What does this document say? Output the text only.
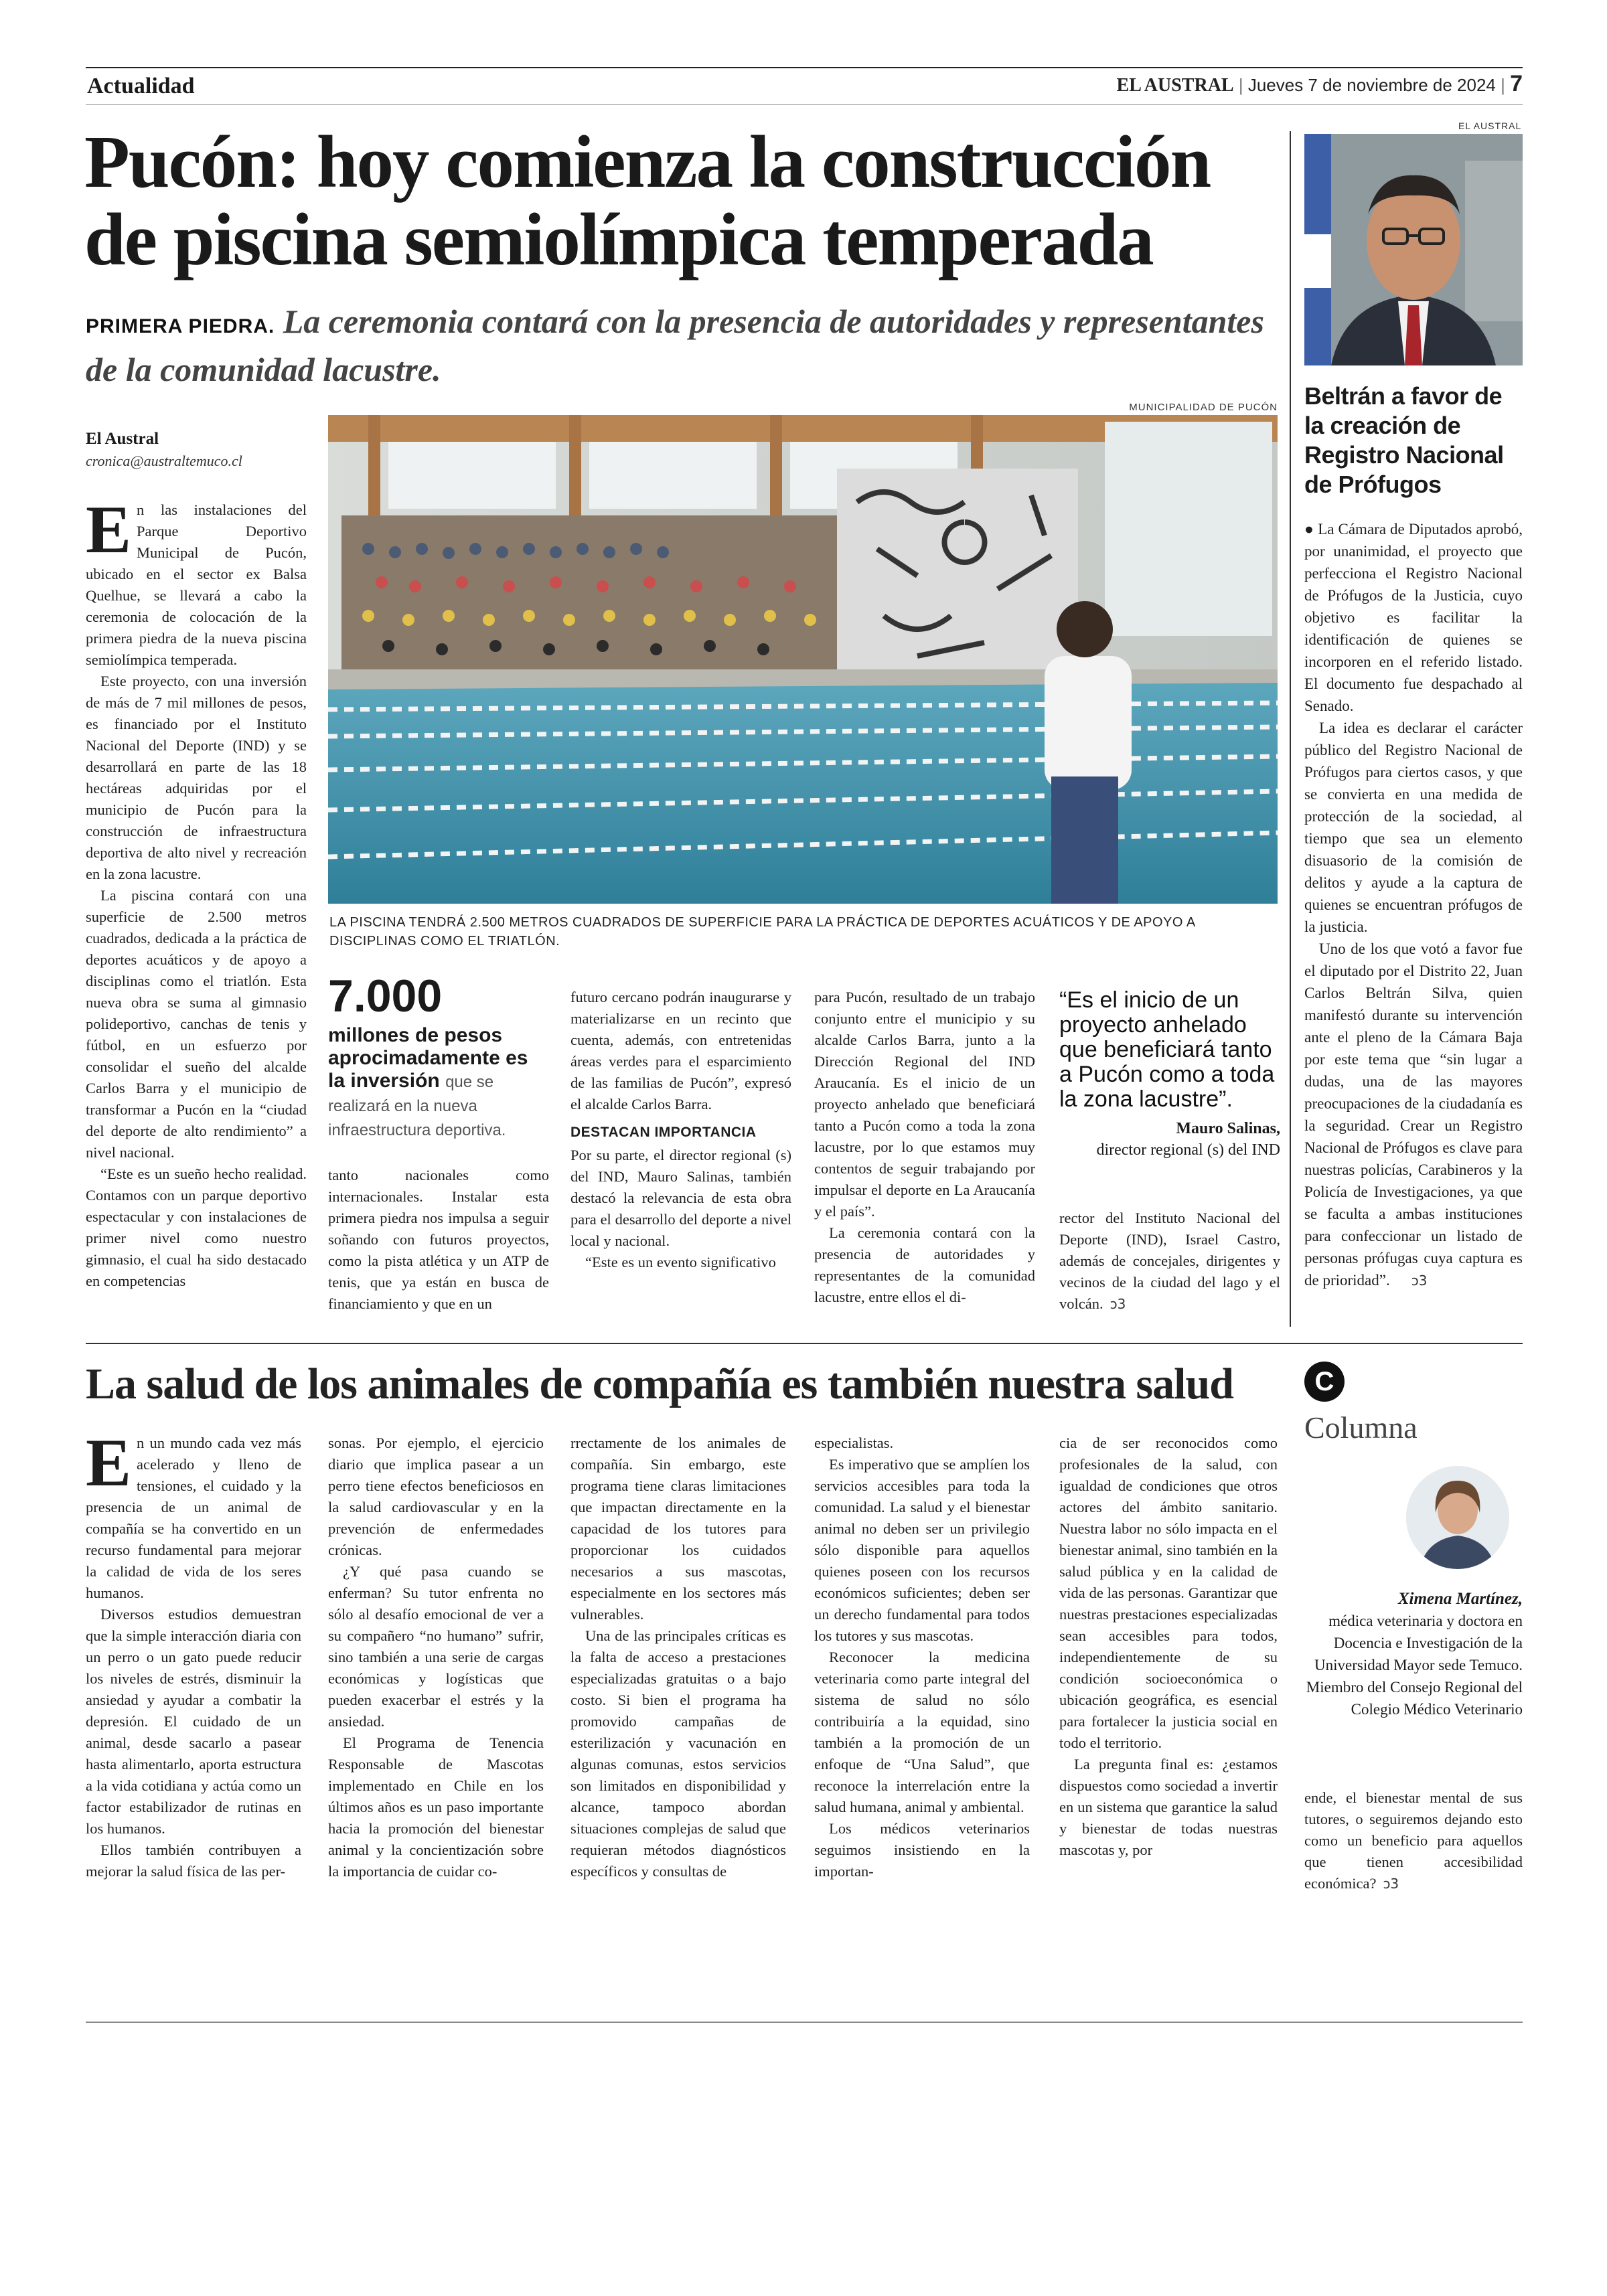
Actualidad	EL AUSTRAL | Jueves 7 de noviembre de 2024 | 7
Pucón: hoy comienza la construcción de piscina semiolímpica temperada
PRIMERA PIEDRA. La ceremonia contará con la presencia de autoridades y representantes de la comunidad lacustre.
El Austral
cronica@australtemuco.cl
MUNICIPALIDAD DE PUCÓN
LA PISCINA TENDRÁ 2.500 METROS CUADRADOS DE SUPERFICIE PARA LA PRÁCTICA DE DEPORTES ACUÁTICOS Y DE APOYO A DISCIPLINAS COMO EL TRIATLÓN.

En las instalaciones del Parque Deportivo Municipal de Pucón, ubicado en el sector ex Balsa Quelhue, se llevará a cabo la ceremonia de colocación de la primera piedra de la nueva piscina semiolímpica temperada.

Este proyecto, con una inversión de más de 7 mil millones de pesos, es financiado por el Instituto Nacional del Deporte (IND) y se desarrollará en parte de las 18 hectáreas adquiridas por el municipio de Pucón para la construcción de infraestructura deportiva de alto nivel y recreación en la zona lacustre.

La piscina contará con una superficie de 2.500 metros cuadrados, dedicada a la práctica de deportes acuáticos y de apoyo a disciplinas como el triatlón. Esta nueva obra se suma al gimnasio polideportivo, canchas de tenis y fútbol, en un esfuerzo por consolidar el sueño del alcalde Carlos Barra y el municipio de transformar a Pucón en la “ciudad del deporte de alto rendimiento” a nivel nacional.

“Este es un sueño hecho realidad. Contamos con un parque deportivo espectacular y con instalaciones de primer nivel como nuestro gimnasio, el cual ha sido destacado en competencias

7.000
millones de pesos aprocimadamente es la inversión que se realizará en la nueva infraestructura deportiva.

tanto nacionales como internacionales. Instalar esta primera piedra nos impulsa a seguir soñando con futuros proyectos, como la pista atlética y un ATP de tenis, que ya están en busca de financiamiento y que en un

futuro cercano podrán inaugurarse y materializarse en un recinto que cuenta, además, con entretenidas áreas verdes para el esparcimiento de las familias de Pucón”, expresó el alcalde Carlos Barra.

DESTACAN IMPORTANCIA

Por su parte, el director regional (s) del IND, Mauro Salinas, también destacó la relevancia de esta obra para el desarrollo del deporte a nivel local y nacional.

“Este es un evento significativo

para Pucón, resultado de un trabajo conjunto entre el municipio y su alcalde Carlos Barra, junto a la Dirección Regional del IND Araucanía. Es el inicio de un proyecto anhelado que beneficiará tanto a Pucón como a toda la zona lacustre, por lo que estamos muy contentos de seguir trabajando por impulsar el deporte en La Araucanía y el país”.

La ceremonia contará con la presencia de autoridades y representantes de la comunidad lacustre, entre ellos el di-

“Es el inicio de un proyecto anhelado que beneficiará tanto a Pucón como a toda la zona lacustre”.
Mauro Salinas,
director regional (s) del IND

rector del Instituto Nacional del Deporte (IND), Israel Castro, además de concejales, dirigentes y vecinos de la ciudad del lago y el volcán. ↄ3

EL AUSTRAL
Beltrán a favor de la creación de Registro Nacional de Prófugos

● La Cámara de Diputados aprobó, por unanimidad, el proyecto que perfecciona el Registro Nacional de Prófugos de la Justicia, cuyo objetivo es facilitar la identificación de quienes se incorporen en el referido listado. El documento fue despachado al Senado.

La idea es declarar el carácter público del Registro Nacional de Prófugos para ciertos casos, y que se convierta en una medida de protección de la sociedad, al tiempo que sea un elemento disuasorio de la comisión de delitos y ayude a la captura de quienes se encuentran prófugos de la justicia.

Uno de los que votó a favor fue el diputado por el Distrito 22, Juan Carlos Beltrán Silva, quien manifestó durante su intervención ante el pleno de la Cámara Baja por este tema que “sin lugar a dudas, una de las mayores preocupaciones de la ciudadanía es la seguridad. Crear un Registro Nacional de Prófugos es clave para nuestras policías, Carabineros y la Policía de Investigaciones, ya que se faculta a ambas instituciones para confeccionar un listado de personas prófugas cuya captura es de prioridad”. ↄ3

La salud de los animales de compañía es también nuestra salud	C
Columna
Ximena Martínez,
médica veterinaria y doctora en Docencia e Investigación de la Universidad Mayor sede Temuco. Miembro del Consejo Regional del Colegio Médico Veterinario

En un mundo cada vez más acelerado y lleno de tensiones, el cuidado y la presencia de un animal de compañía se ha convertido en un recurso fundamental para mejorar la calidad de vida de los seres humanos.

Diversos estudios demuestran que la simple interacción diaria con un perro o un gato puede reducir los niveles de estrés, disminuir la ansiedad y ayudar a combatir la depresión. El cuidado de un animal, desde sacarlo a pasear hasta alimentarlo, aporta estructura a la vida cotidiana y actúa como un factor estabilizador de rutinas en los humanos.

Ellos también contribuyen a mejorar la salud física de las per-

sonas. Por ejemplo, el ejercicio diario que implica pasear a un perro tiene efectos beneficiosos en la salud cardiovascular y en la prevención de enfermedades crónicas.

¿Y qué pasa cuando se enferman? Su tutor enfrenta no sólo al desafío emocional de ver a su compañero “no humano” sufrir, sino también a una serie de cargas económicas y logísticas que pueden exacerbar el estrés y la ansiedad.

El Programa de Tenencia Responsable de Mascotas implementado en Chile en los últimos años es un paso importante hacia la promoción del bienestar animal y la concientización sobre la importancia de cuidar co-

rrectamente de los animales de compañía. Sin embargo, este programa tiene claras limitaciones que impactan directamente en la capacidad de los tutores para proporcionar los cuidados necesarios a sus mascotas, especialmente en los sectores más vulnerables.

Una de las principales críticas es la falta de acceso a prestaciones especializadas gratuitas o a bajo costo. Si bien el programa ha promovido campañas de esterilización y vacunación en algunas comunas, estos servicios son limitados en disponibilidad y alcance, tampoco abordan situaciones complejas de salud que requieran métodos diagnósticos específicos y consultas de

especialistas.

Es imperativo que se amplíen los servicios accesibles para toda la comunidad. La salud y el bienestar animal no deben ser un privilegio sólo disponible para aquellos quienes poseen con los recursos económicos suficientes; deben ser un derecho fundamental para todos los tutores y sus mascotas.

Reconocer la medicina veterinaria como parte integral del sistema de salud no sólo contribuiría a la equidad, sino también a la promoción de un enfoque de “Una Salud”, que reconoce la interrelación entre la salud humana, animal y ambiental.

Los médicos veterinarios seguimos insistiendo en la importan-

cia de ser reconocidos como profesionales de la salud, con igualdad de condiciones que otros actores del ámbito sanitario. Nuestra labor no sólo impacta en el bienestar animal, sino también en la salud pública y en la calidad de vida de las personas. Garantizar que nuestras prestaciones especializadas sean accesibles para todos, independientemente de su condición socioeconómica o ubicación geográfica, es esencial para fortalecer la justicia social en todo el territorio.

La pregunta final es: ¿estamos dispuestos como sociedad a invertir en un sistema que garantice la salud y bienestar de todas nuestras mascotas y, por

ende, el bienestar mental de sus tutores, o seguiremos dejando esto como un beneficio para aquellos que tienen accesibilidad económica? ↄ3
